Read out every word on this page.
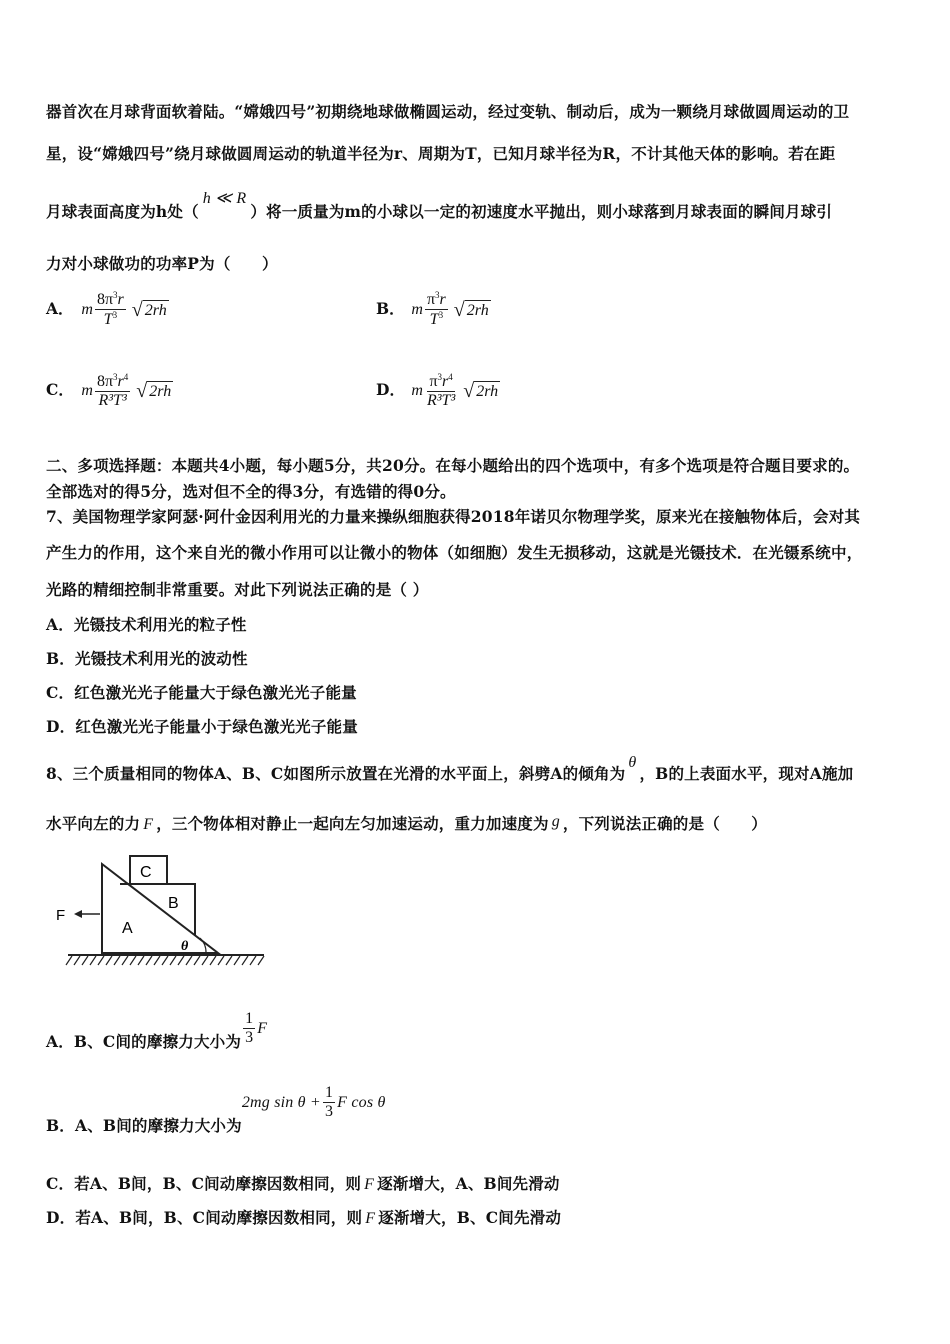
器首次在月球背面软着陆。“嫦娥四号”初期绕地球做椭圆运动，经过变轨、制动后，成为一颗绕月球做圆周运动的卫
星，设“嫦娥四号”绕月球做圆周运动的轨道半径为r、周期为T，已知月球半径为R，不计其他天体的影响。若在距
月球表面高度为h处（h ≪ R）将一质量为m的小球以一定的初速度水平抛出，则小球落到月球表面的瞬间月球引
力对小球做功的功率P为（　　）
A． m $\frac{8\pi^3r}{T^3}$ √ 2rh	B． m $\frac{\pi^3r}{T^3}$ √ 2rh
C． m $\frac{8\pi^3r^4}{\text{R³T³}}$ √ 2rh	D． m $\frac{\pi^3r^4}{\text{R³T³}}$ √ 2rh
二、多项选择题：本题共4小题，每小题5分，共20分。在每小题给出的四个选项中，有多个选项是符合题目要求的。
全部选对的得5分，选对但不全的得3分，有选错的得0分。
7、美国物理学家阿瑟·阿什金因利用光的力量来操纵细胞获得2018年诺贝尔物理学奖，原来光在接触物体后，会对其
产生力的作用，这个来自光的微小作用可以让微小的物体（如细胞）发生无损移动，这就是光镊技术．在光镊系统中，
光路的精细控制非常重要。对此下列说法正确的是（ ）
A．光镊技术利用光的粒子性
B．光镊技术利用光的波动性
C．红色激光光子能量大于绿色激光光子能量
D．红色激光光子能量小于绿色激光光子能量
8、三个质量相同的物体A、B、C如图所示放置在光滑的水平面上，斜劈A的倾角为θ，B的上表面水平，现对A施加
水平向左的力 F ，三个物体相对静止一起向左匀加速运动，重力加速度为 g ，下列说法正确的是（　　）
F
C
B
A
θ
A．B、C间的摩擦力大小为 $\frac{1}{3}$ F
B．A、B间的摩擦力大小为
2mg $\sin \theta + \frac{1}{3}$ F cos θ
C．若A、B间，B、C间动摩擦因数相同，则 F 逐渐增大，A、B间先滑动
D．若A、B间，B、C间动摩擦因数相同，则 F 逐渐增大，B、C间先滑动
